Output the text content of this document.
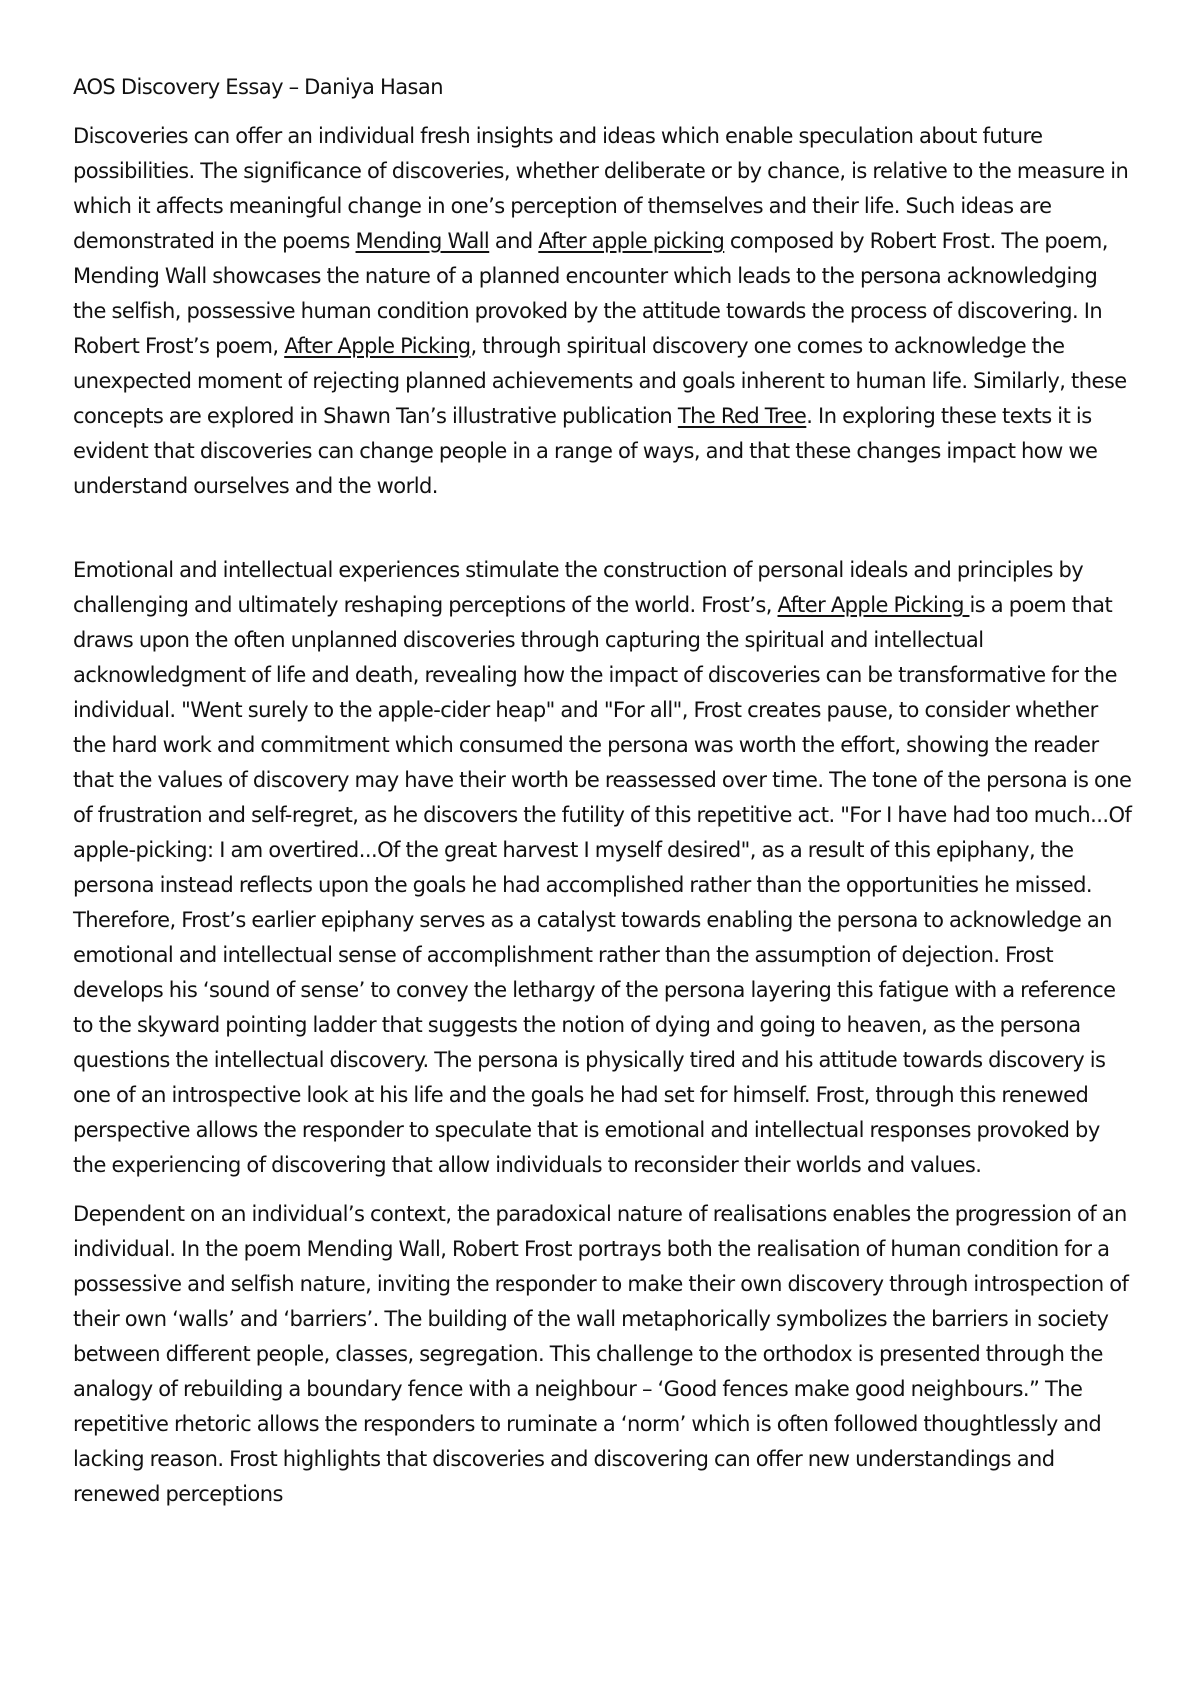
AOS Discovery Essay – Daniya Hasan

Discoveries can offer an individual fresh insights and ideas which enable speculation about future possibilities. The significance of discoveries, whether deliberate or by chance, is relative to the measure in which it affects meaningful change in one’s perception of themselves and their life. Such ideas are demonstrated in the poems Mending Wall and After apple picking composed by Robert Frost. The poem, Mending Wall showcases the nature of a planned encounter which leads to the persona acknowledging the selfish, possessive human condition provoked by the attitude towards the process of discovering. In Robert Frost’s poem, After Apple Picking, through spiritual discovery one comes to acknowledge the unexpected moment of rejecting planned achievements and goals inherent to human life. Similarly, these concepts are explored in Shawn Tan’s illustrative publication The Red Tree. In exploring these texts it is evident that discoveries can change people in a range of ways, and that these changes impact how we understand ourselves and the world.

Emotional and intellectual experiences stimulate the construction of personal ideals and principles by challenging and ultimately reshaping perceptions of the world. Frost’s, After Apple Picking is a poem that draws upon the often unplanned discoveries through capturing the spiritual and intellectual acknowledgment of life and death, revealing how the impact of discoveries can be transformative for the individual. "Went surely to the apple-cider heap" and "For all", Frost creates pause, to consider whether the hard work and commitment which consumed the persona was worth the effort, showing the reader that the values of discovery may have their worth be reassessed over time. The tone of the persona is one of frustration and self-regret, as he discovers the futility of this repetitive act. "For I have had too much...Of apple-picking: I am overtired...Of the great harvest I myself desired", as a result of this epiphany, the persona instead reflects upon the goals he had accomplished rather than the opportunities he missed. Therefore, Frost’s earlier epiphany serves as a catalyst towards enabling the persona to acknowledge an emotional and intellectual sense of accomplishment rather than the assumption of dejection. Frost develops his ‘sound of sense’ to convey the lethargy of the persona layering this fatigue with a reference to the skyward pointing ladder that suggests the notion of dying and going to heaven, as the persona questions the intellectual discovery. The persona is physically tired and his attitude towards discovery is one of an introspective look at his life and the goals he had set for himself. Frost, through this renewed perspective allows the responder to speculate that is emotional and intellectual responses provoked by the experiencing of discovering that allow individuals to reconsider their worlds and values.

Dependent on an individual’s context, the paradoxical nature of realisations enables the progression of an individual. In the poem Mending Wall, Robert Frost portrays both the realisation of human condition for a possessive and selfish nature, inviting the responder to make their own discovery through introspection of their own ‘walls’ and ‘barriers’. The building of the wall metaphorically symbolizes the barriers in society between different people, classes, segregation. This challenge to the orthodox is presented through the analogy of rebuilding a boundary fence with a neighbour – ‘Good fences make good neighbours.” The repetitive rhetoric allows the responders to ruminate a ‘norm’ which is often followed thoughtlessly and lacking reason. Frost highlights that discoveries and discovering can offer new understandings and renewed perceptions
